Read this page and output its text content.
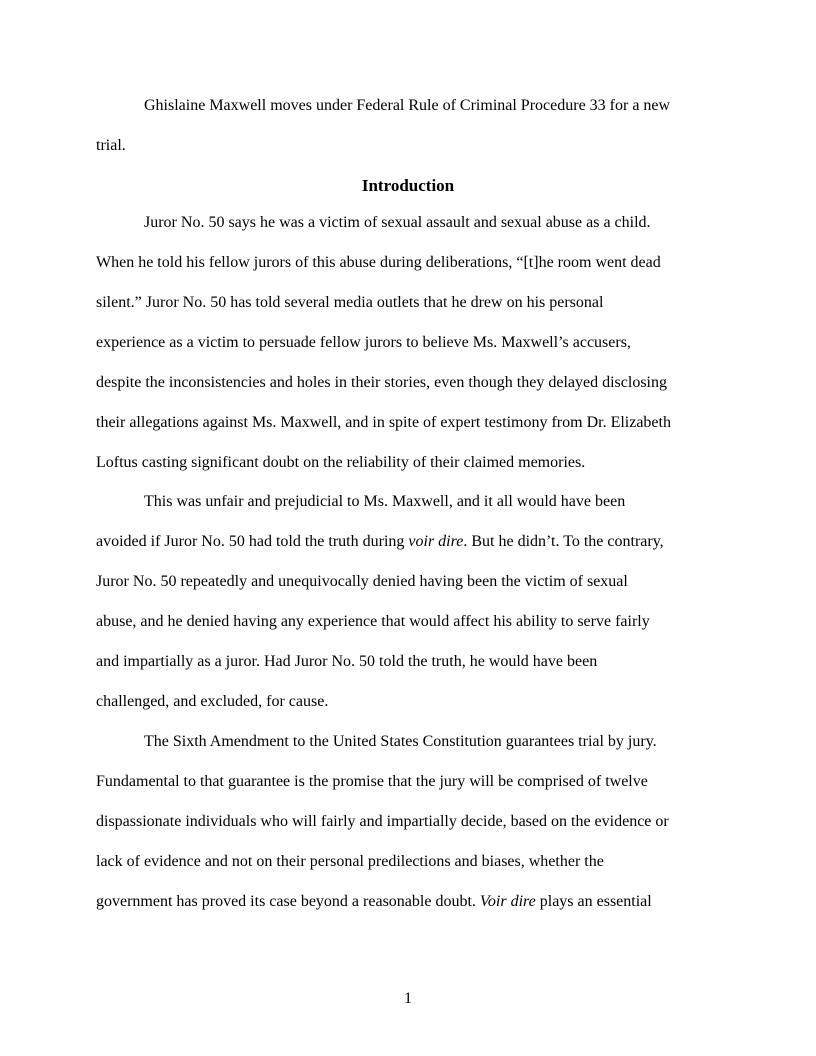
Ghislaine Maxwell moves under Federal Rule of Criminal Procedure 33 for a new
trial.
Introduction
Juror No. 50 says he was a victim of sexual assault and sexual abuse as a child.
When he told his fellow jurors of this abuse during deliberations, “[t]he room went dead
silent.” Juror No. 50 has told several media outlets that he drew on his personal
experience as a victim to persuade fellow jurors to believe Ms. Maxwell’s accusers,
despite the inconsistencies and holes in their stories, even though they delayed disclosing
their allegations against Ms. Maxwell, and in spite of expert testimony from Dr. Elizabeth
Loftus casting significant doubt on the reliability of their claimed memories.
This was unfair and prejudicial to Ms. Maxwell, and it all would have been
avoided if Juror No. 50 had told the truth during voir dire. But he didn’t. To the contrary,
Juror No. 50 repeatedly and unequivocally denied having been the victim of sexual
abuse, and he denied having any experience that would affect his ability to serve fairly
and impartially as a juror. Had Juror No. 50 told the truth, he would have been
challenged, and excluded, for cause.
The Sixth Amendment to the United States Constitution guarantees trial by jury.
Fundamental to that guarantee is the promise that the jury will be comprised of twelve
dispassionate individuals who will fairly and impartially decide, based on the evidence or
lack of evidence and not on their personal predilections and biases, whether the
government has proved its case beyond a reasonable doubt. Voir dire plays an essential
1
